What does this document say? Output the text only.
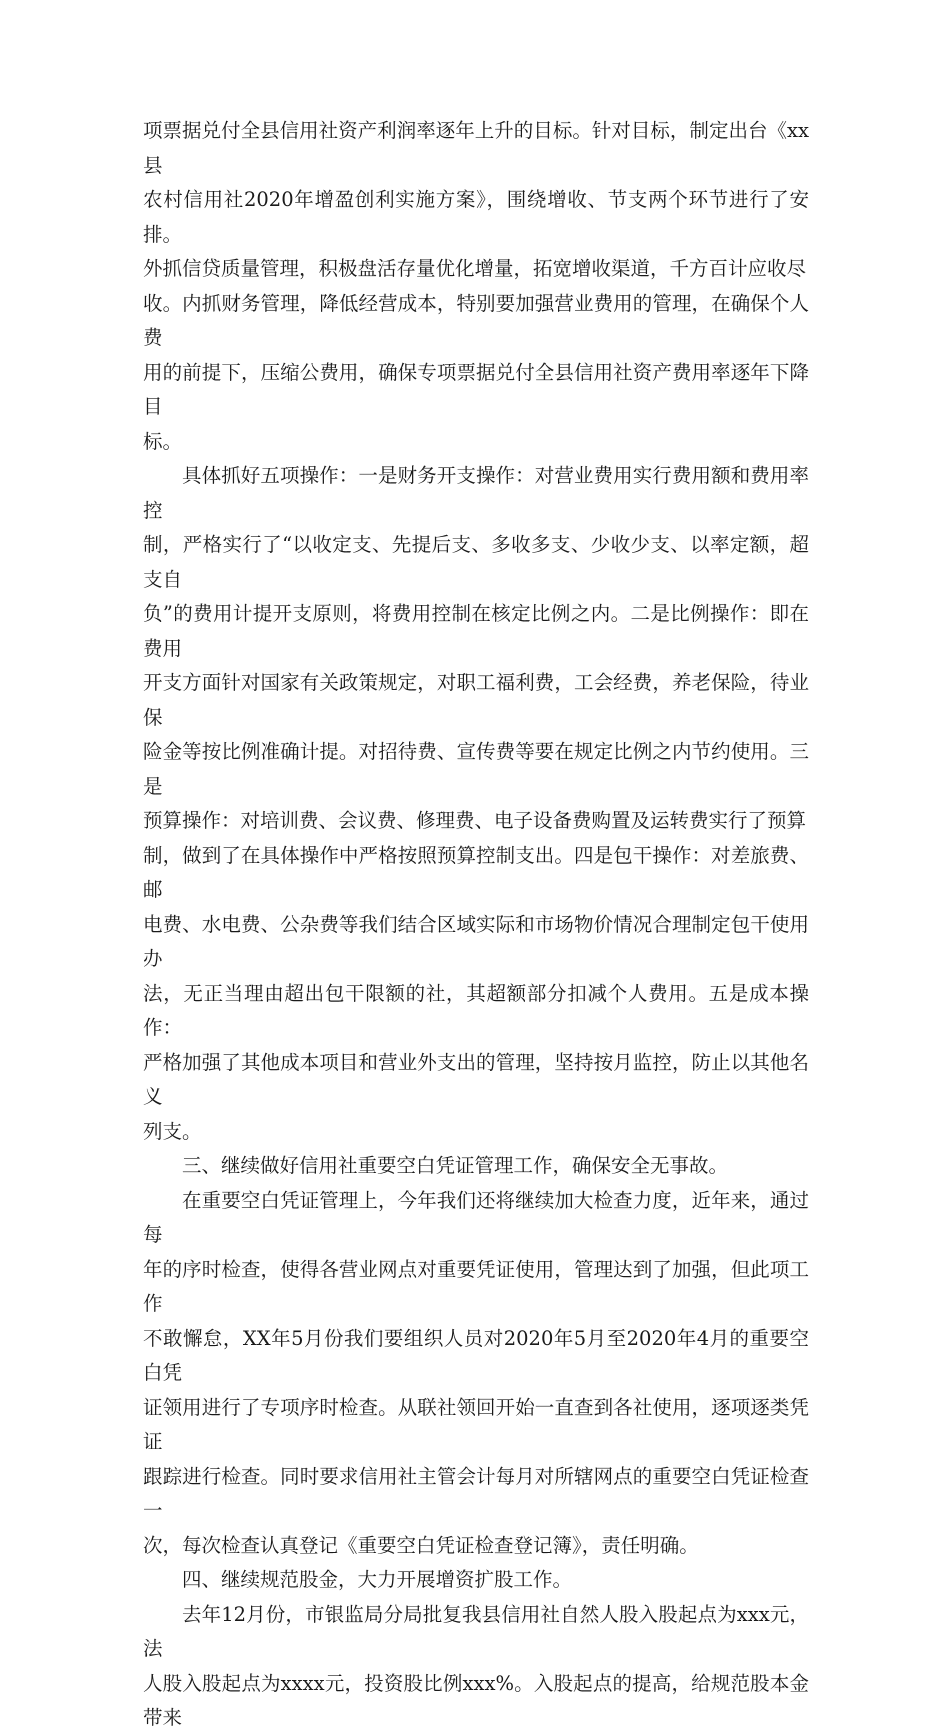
项票据兑付全县信用社资产利润率逐年上升的目标。针对目标，制定出台《xx县
农村信用社2020年增盈创利实施方案》，围绕增收、节支两个环节进行了安排。
外抓信贷质量管理，积极盘活存量优化增量，拓宽增收渠道，千方百计应收尽
收。内抓财务管理，降低经营成本，特别要加强营业费用的管理，在确保个人费
用的前提下，压缩公费用，确保专项票据兑付全县信用社资产费用率逐年下降目
标。

具体抓好五项操作：一是财务开支操作：对营业费用实行费用额和费用率控
制，严格实行了“以收定支、先提后支、多收多支、少收少支、以率定额，超支自
负”的费用计提开支原则，将费用控制在核定比例之内。二是比例操作：即在费用
开支方面针对国家有关政策规定，对职工福利费，工会经费，养老保险，待业保
险金等按比例准确计提。对招待费、宣传费等要在规定比例之内节约使用。三是
预算操作：对培训费、会议费、修理费、电子设备费购置及运转费实行了预算
制，做到了在具体操作中严格按照预算控制支出。四是包干操作：对差旅费、邮
电费、水电费、公杂费等我们结合区域实际和市场物价情况合理制定包干使用办
法，无正当理由超出包干限额的社，其超额部分扣减个人费用。五是成本操作：
严格加强了其他成本项目和营业外支出的管理，坚持按月监控，防止以其他名义
列支。

三、继续做好信用社重要空白凭证管理工作，确保安全无事故。

在重要空白凭证管理上，今年我们还将继续加大检查力度，近年来，通过每
年的序时检查，使得各营业网点对重要凭证使用，管理达到了加强，但此项工作
不敢懈怠，XX年5月份我们要组织人员对2020年5月至2020年4月的重要空白凭
证领用进行了专项序时检查。从联社领回开始一直查到各社使用，逐项逐类凭证
跟踪进行检查。同时要求信用社主管会计每月对所辖网点的重要空白凭证检查一
次，每次检查认真登记《重要空白凭证检查登记簿》，责任明确。

四、继续规范股金，大力开展增资扩股工作。

去年12月份，市银监局分局批复我县信用社自然人股入股起点为xxx元，法
人股入股起点为xxxx元，投资股比例xxx%。入股起点的提高，给规范股本金带来
